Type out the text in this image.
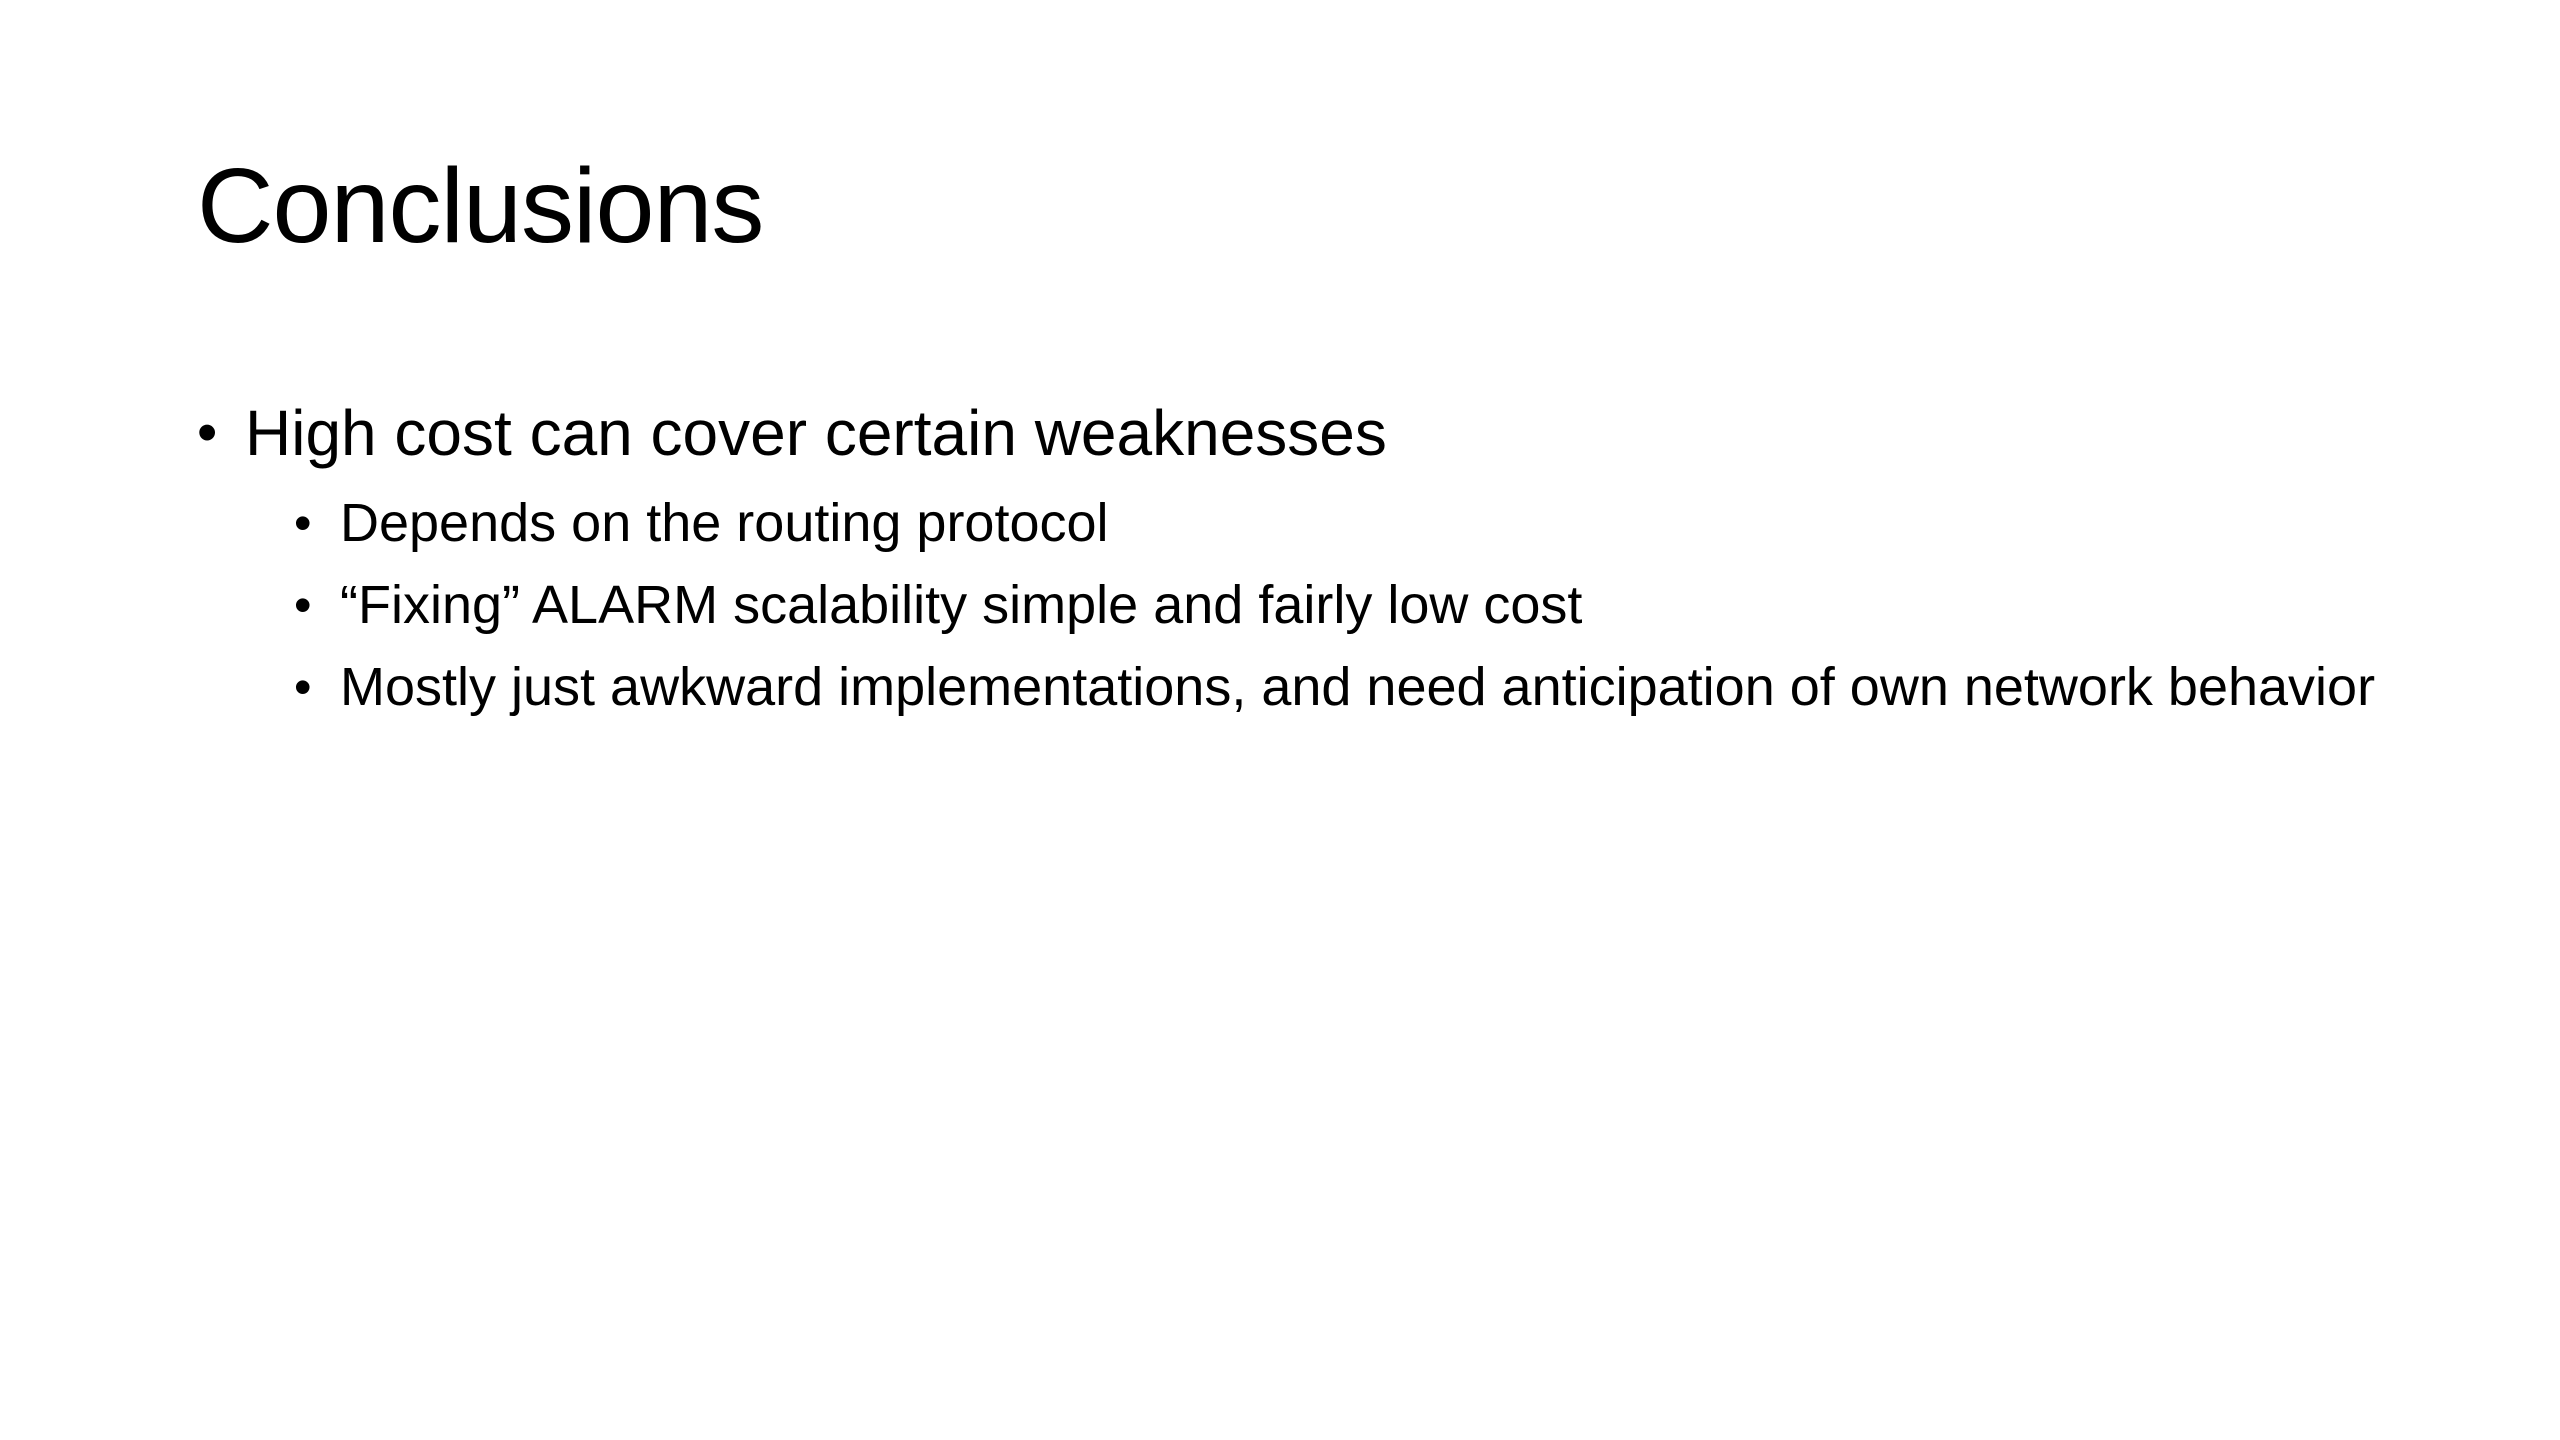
Conclusions
• High cost can cover certain weaknesses
• Depends on the routing protocol
• “Fixing” ALARM scalability simple and fairly low cost
• Mostly just awkward implementations, and need anticipation of own network behavior
